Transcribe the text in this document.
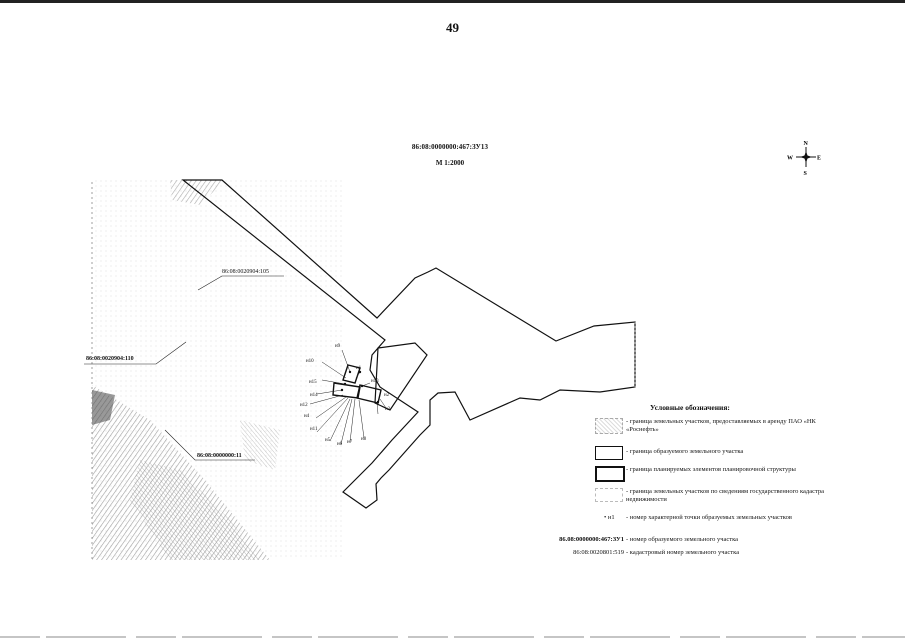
49
86:08:0000000:467:ЗУ13
М 1:2000
н9
н10
н1
н15	н13
н14	н2
н12
н3
н4
н11
н5
н6 н7
н8
86:08:0020904:105
86:08:0020904:110
86:08:0000000:11
N
S
E
W
Условные обозначения:
- граница земельных участков, предоставляемых в аренду ПАО «НК «Роснефть»
- граница образуемого земельного участка
- граница планируемых элементов планировочной структуры
- граница земельных участков по сведениям государственного кадастра недвижимости
• н1 - номер характерной точки образуемых земельных участков
86.08:0000000:467:ЗУ1 - номер образуемого земельного участка
86:08:0020801:519 - кадастровый номер земельного участка
